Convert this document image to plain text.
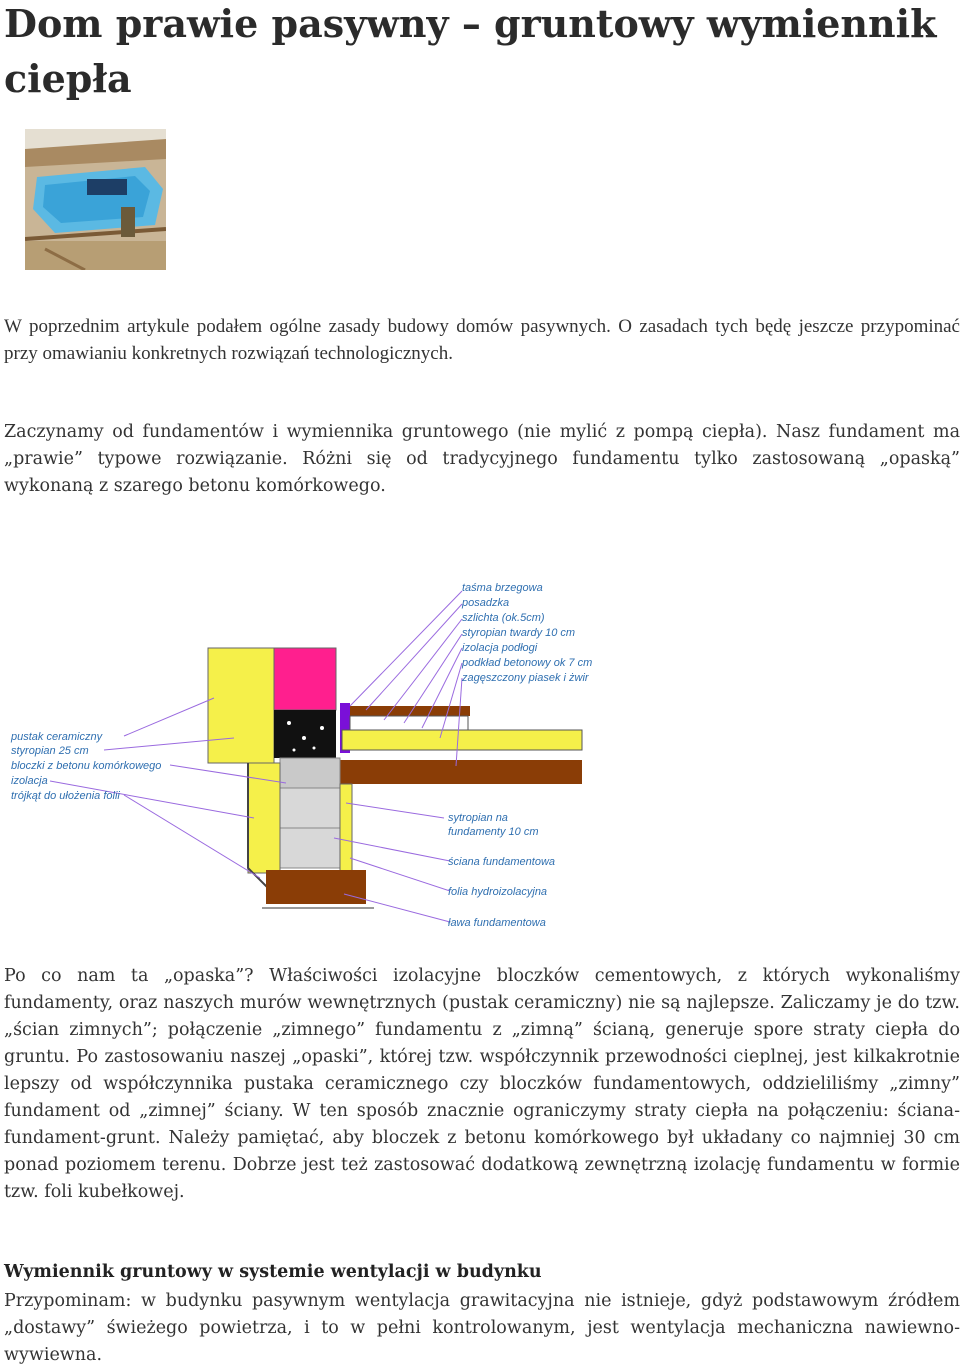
Dom prawie pasywny – gruntowy wymiennik ciepła

W poprzednim artykule podałem ogólne zasady budowy domów pasywnych. O zasadach tych będę jeszcze przypominać przy omawianiu konkretnych rozwiązań technologicznych.

Zaczynamy od fundamentów i wymiennika gruntowego (nie mylić z pompą ciepła). Nasz fundament ma „prawie” typowe rozwiązanie. Różni się od tradycyjnego fundamentu tylko zastosowaną „opaską” wykonaną z szarego betonu komórkowego.

taśma brzegowa
posadzka
szlichta (ok.5cm)
styropian twardy 10 cm
izolacja podłogi
podkład betonowy ok 7 cm
zagęszczony piasek i żwir
pustak ceramiczny
styropian 25 cm
bloczki z betonu komórkowego
izolacja
trójkąt do ułożenia folii
sytropian na
fundamenty 10 cm
ściana fundamentowa
folia hydroizolacyjna
ława fundamentowa

Po co nam ta „opaska”? Właściwości izolacyjne bloczków cementowych, z których wykonaliśmy fundamenty, oraz naszych murów wewnętrznych (pustak ceramiczny) nie są najlepsze. Zaliczamy je do tzw. „ścian zimnych”; połączenie „zimnego” fundamentu z „zimną” ścianą, generuje spore straty ciepła do gruntu. Po zastosowaniu naszej „opaski”, której tzw. współczynnik przewodności cieplnej, jest kilkakrotnie lepszy od współczynnika pustaka ceramicznego czy bloczków fundamentowych, oddzieliliśmy „zimny” fundament od „zimnej” ściany. W ten sposób znacznie ograniczymy straty ciepła na połączeniu: ściana-fundament-grunt. Należy pamiętać, aby bloczek z betonu komórkowego był układany co najmniej 30 cm ponad poziomem terenu. Dobrze jest też zastosować dodatkową zewnętrzną izolację fundamentu w formie tzw. foli kubełkowej.

Wymiennik gruntowy w systemie wentylacji w budynku

Przypominam: w budynku pasywnym wentylacja grawitacyjna nie istnieje, gdyż podstawowym źródłem „dostawy” świeżego powietrza, i to w pełni kontrolowanym, jest wentylacja mechaniczna nawiewno-wywiewna.
